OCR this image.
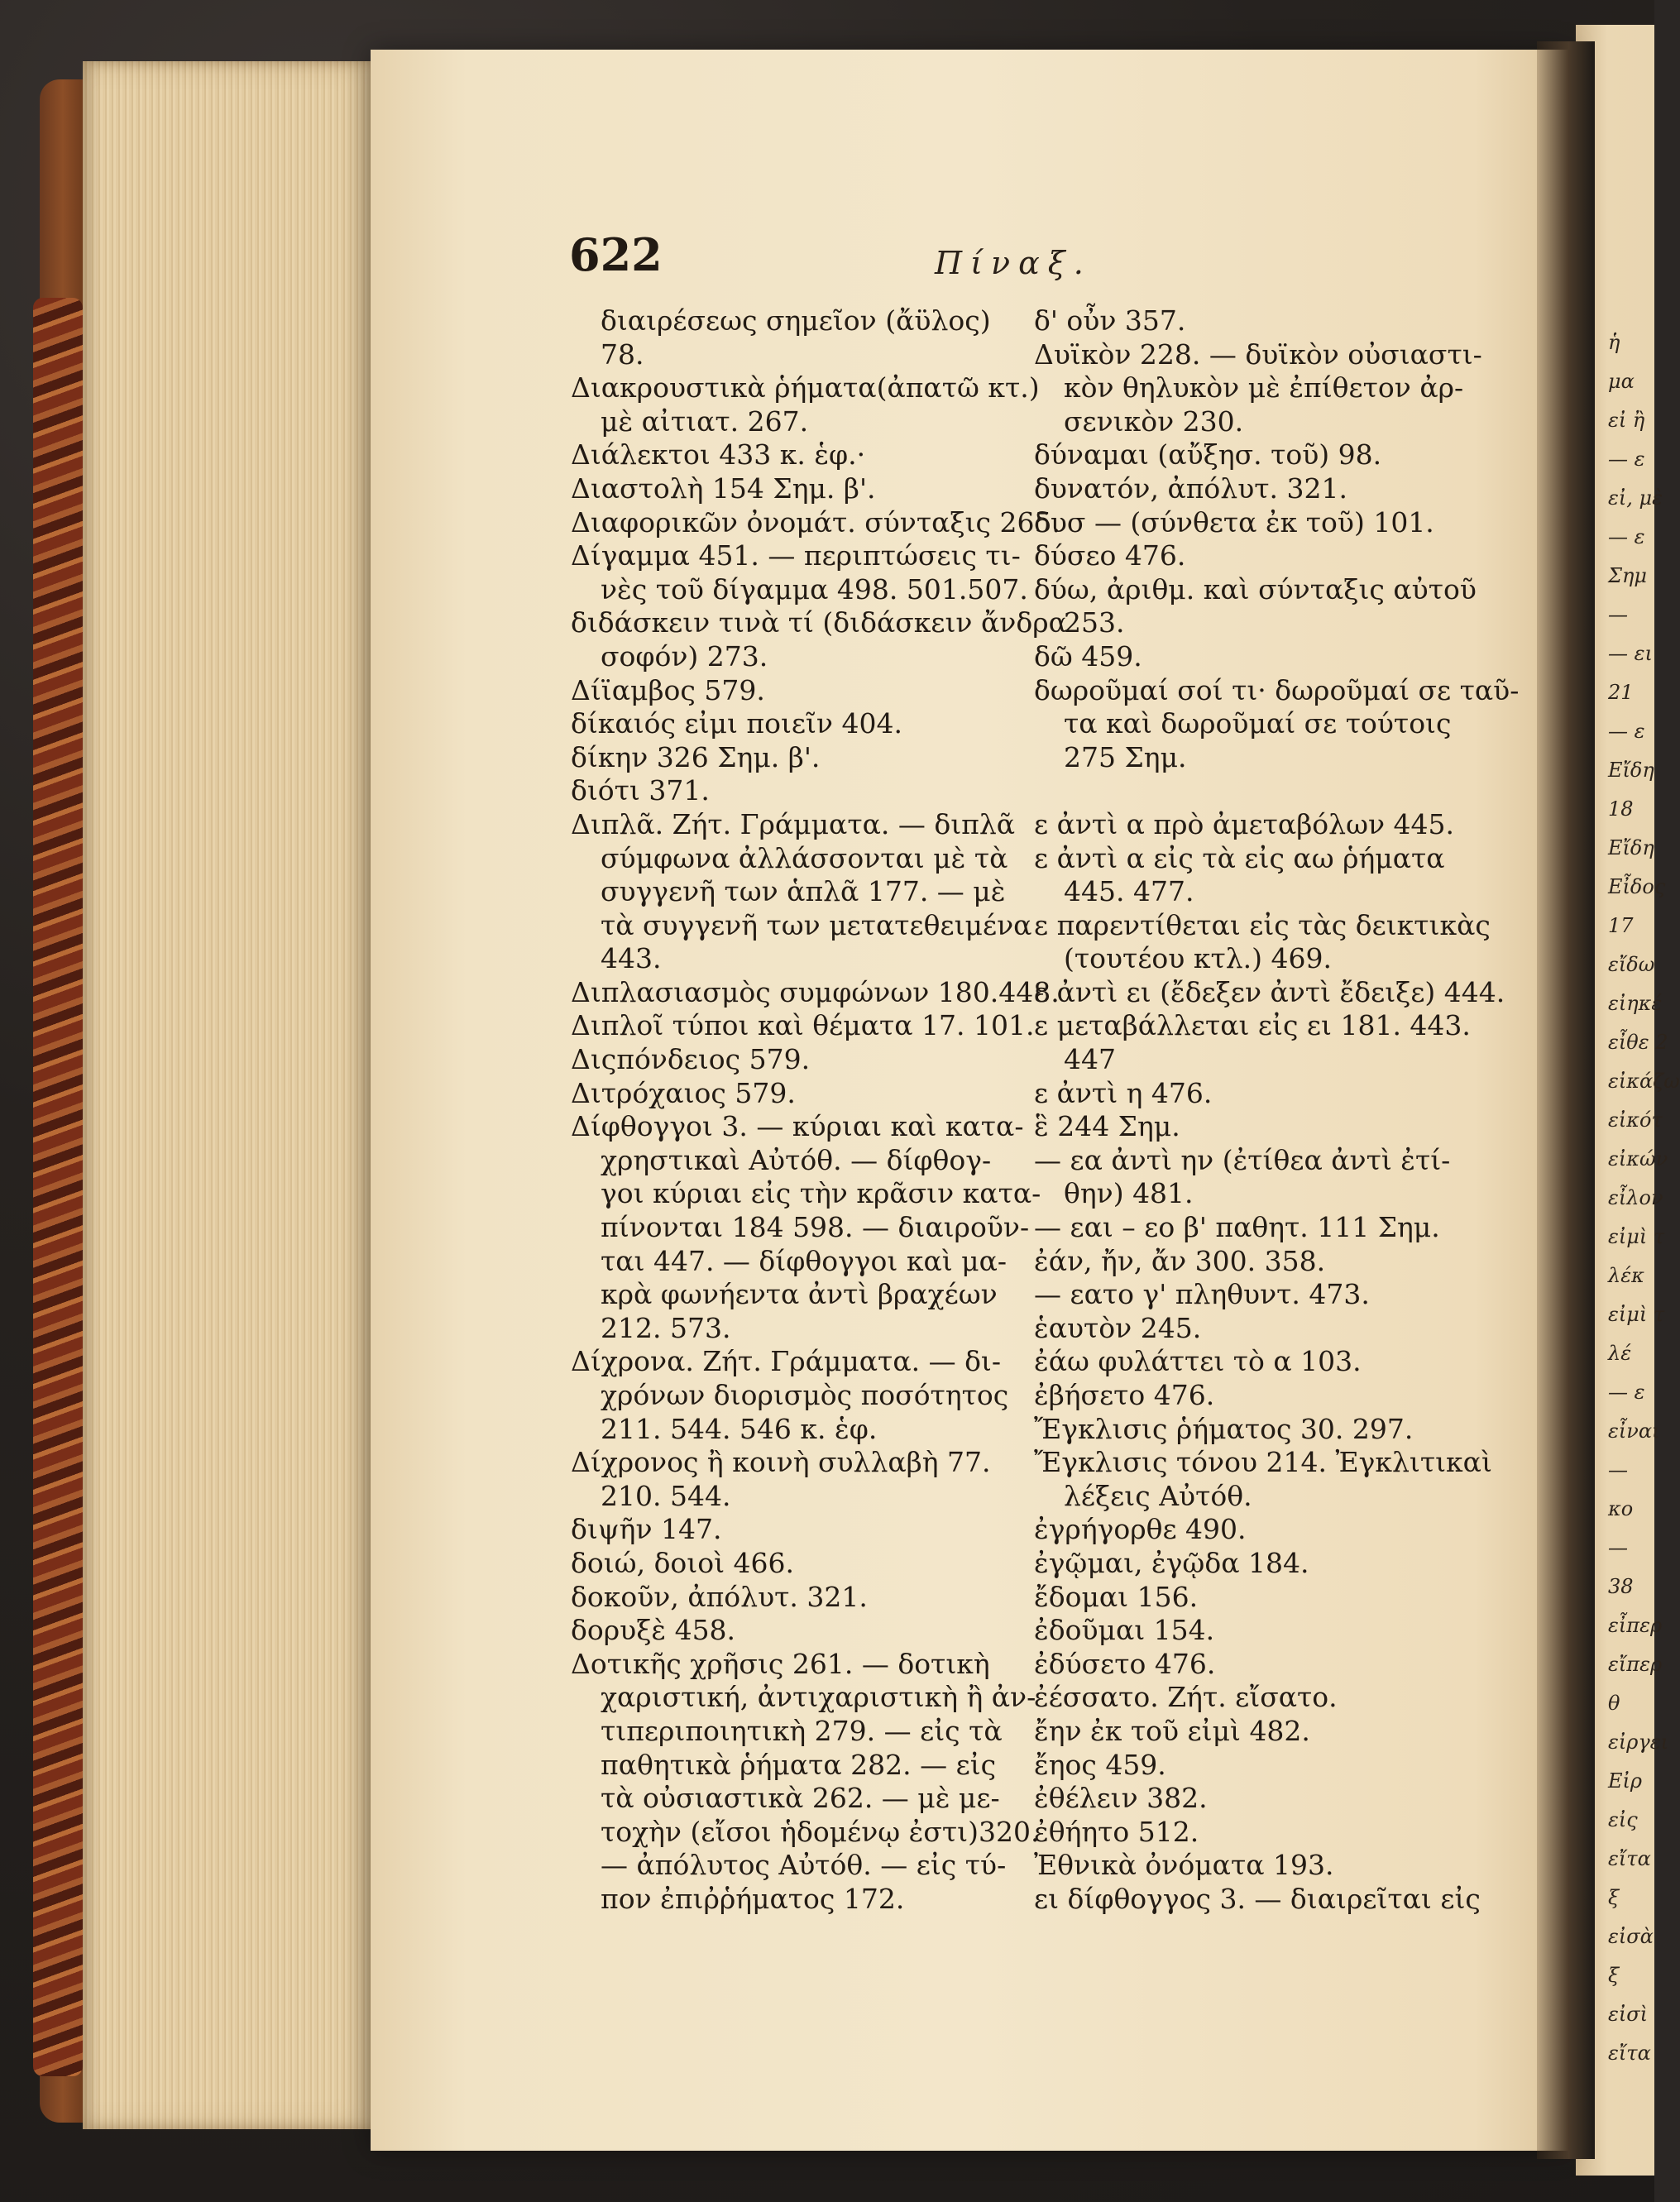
ἡ
μα
εἰ ἢ
— ε
εἰ, μὲ
— ε
Σημ
—
— ει
21
— ε
Εἴδη
18
Εἴδη
Εἶδος
17
εἴδω
εἰηκέ
εἶθε 2
εἰκάζω
εἰκότ
εἰκών
εἶλον
εἰμὶ τ
λέκ
εἰμὶ τ
λέ
— ε
εἶναι
—
κο
—
38
εἶπερ
εἴπερ
θ
εἰργει
Εἰρ
εἰς
εἴτα
ξ
εἰσὰ
ξ
εἰσὶ
εἴτα
622	Πίναξ.
διαιρέσεως σημεῖον (ἄϋλος)
78.
Διακρουστικὰ ῥήματα(ἀπατῶ κτ.)
μὲ αἰτιατ. 267.
Διάλεκτοι 433 κ. ἑφ.·
Διαστολὴ 154 Σημ. β'.
Διαφορικῶν ὀνομάτ. σύνταξις 265.
Δίγαμμα 451. — περιπτώσεις τι-
νὲς τοῦ δίγαμμα 498. 501.507.
διδάσκειν τινὰ τί (διδάσκειν ἄνδρα
σοφόν) 273.
Δίϊαμβος 579.
δίκαιός εἰμι ποιεῖν 404.
δίκην 326 Σημ. β'.
διότι 371.
Διπλᾶ. Ζήτ. Γράμματα. — διπλᾶ
σύμφωνα ἀλλάσσονται μὲ τὰ
συγγενῆ των ἁπλᾶ 177. — μὲ
τὰ συγγενῆ των μετατεθειμένα
443.
Διπλασιασμὸς συμφώνων 180.448.
Διπλοῖ τύποι καὶ θέματα 17. 101.
Διςπόνδειος 579.
Διτρόχαιος 579.
Δίφθογγοι 3. — κύριαι καὶ κατα-
χρηστικαὶ Αὐτόθ. — δίφθογ-
γοι κύριαι εἰς τὴν κρᾶσιν κατα-
πίνονται 184 598. — διαιροῦν-
ται 447. — δίφθογγοι καὶ μα-
κρὰ φωνήεντα ἀντὶ βραχέων
212. 573.
Δίχρονα. Ζήτ. Γράμματα. — δι-
χρόνων διορισμὸς ποσότητος
211. 544. 546 κ. ἑφ.
Δίχρονος ἢ κοινὴ συλλαβὴ 77.
210. 544.
διψῆν 147.
δοιώ, δοιοὶ 466.
δοκοῦν, ἀπόλυτ. 321.
δορυξὲ 458.
Δοτικῆς χρῆσις 261. — δοτικὴ
χαριστική, ἀντιχαριστικὴ ἢ ἀν-
τιπεριποιητικὴ 279. — εἰς τὰ
παθητικὰ ῥήματα 282. — εἰς
τὰ οὐσιαστικὰ 262. — μὲ με-
τοχὴν (εἴσοι ἡδομένῳ ἐστι)320.
— ἀπόλυτος Αὐτόθ. — εἰς τύ-
πον ἐπιῤῥήματος 172.
δ' οὖν 357.
Δυϊκὸν 228. — δυϊκὸν οὐσιαστι-
κὸν θηλυκὸν μὲ ἐπίθετον ἀρ-
σενικὸν 230.
δύναμαι (αὔξησ. τοῦ) 98.
δυνατόν, ἀπόλυτ. 321.
δυσ — (σύνθετα ἐκ τοῦ) 101.
δύσεο 476.
δύω, ἀριθμ. καὶ σύνταξις αὐτοῦ
253.
δῶ 459.
δωροῦμαί σοί τι· δωροῦμαί σε ταῦ-
τα καὶ δωροῦμαί σε τούτοις
275 Σημ.
ε ἀντὶ α πρὸ ἀμεταβόλων 445.
ε ἀντὶ α εἰς τὰ εἰς αω ῥήματα
445. 477.
ε παρεντίθεται εἰς τὰς δεικτικὰς
(τουτέου κτλ.) 469.
ε ἀντὶ ει (ἔδεξεν ἀντὶ ἔδειξε) 444.
ε μεταβάλλεται εἰς ει 181. 443.
447
ε ἀντὶ η 476.
ἓ 244 Σημ.
— εα ἀντὶ ην (ἐτίθεα ἀντὶ ἐτί-
θην) 481.
— εαι – εο β' παθητ. 111 Σημ.
ἐάν, ἤν, ἄν 300. 358.
— εατο γ' πληθυντ. 473.
ἑαυτὸν 245.
ἐάω φυλάττει τὸ α 103.
ἐβήσετο 476.
Ἔγκλισις ῥήματος 30. 297.
Ἔγκλισις τόνου 214. Ἐγκλιτικαὶ
λέξεις Αὐτόθ.
ἐγρήγορθε 490.
ἐγῷμαι, ἐγῷδα 184.
ἔδομαι 156.
ἐδοῦμαι 154.
ἐδύσετο 476.
ἐέσσατο. Ζήτ. εἴσατο.
ἔην ἐκ τοῦ εἰμὶ 482.
ἔηος 459.
ἐθέλειν 382.
ἐθήητο 512.
Ἐθνικὰ ὀνόματα 193.
ει δίφθογγος 3. — διαιρεῖται εἰς
